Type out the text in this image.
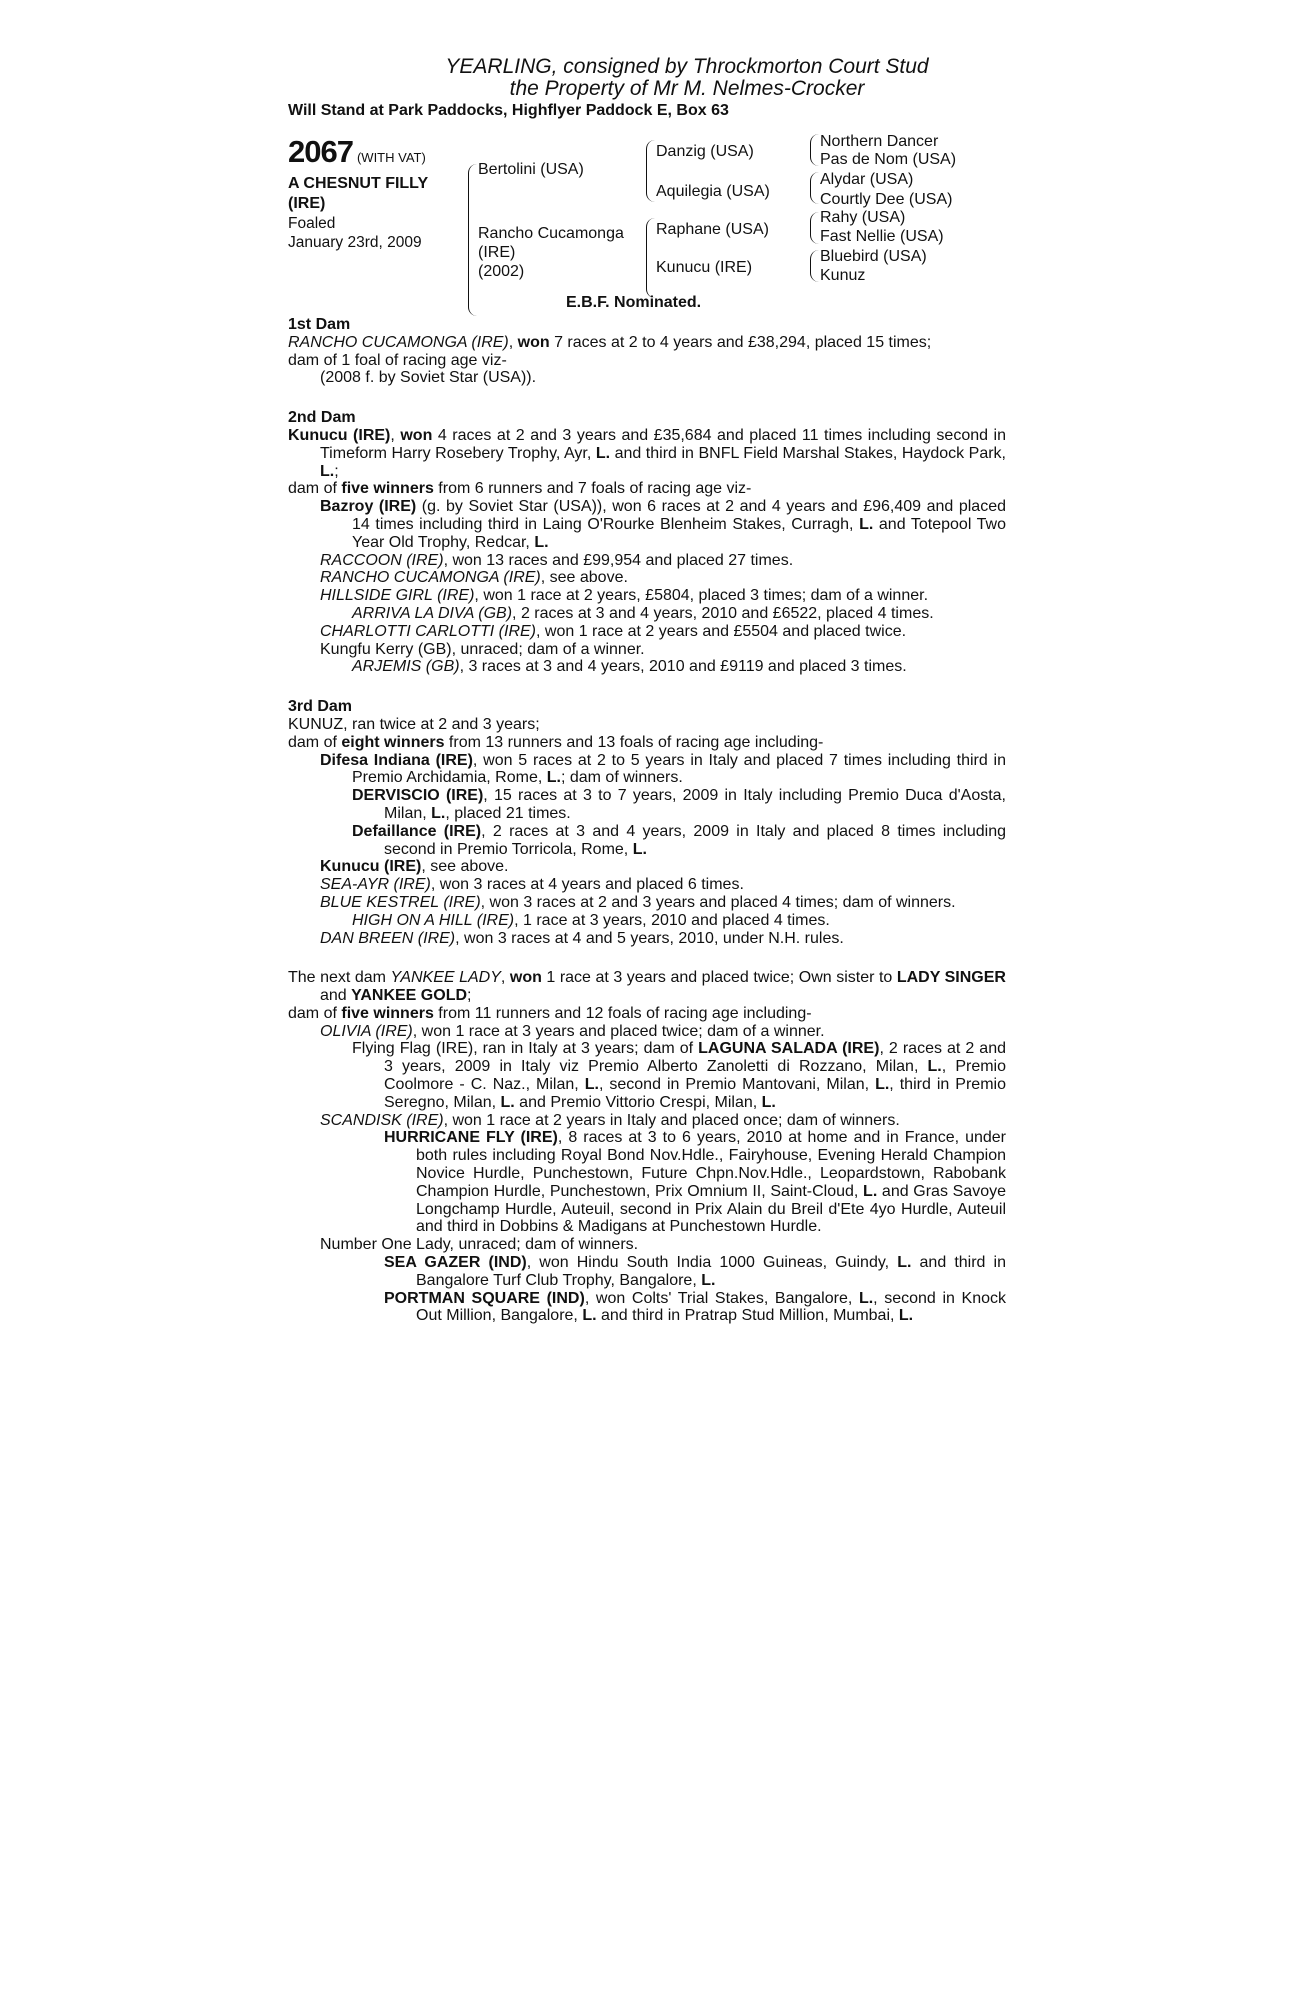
YEARLING, consigned by Throckmorton Court Stud
the Property of Mr M. Nelmes-Crocker
Will Stand at Park Paddocks, Highflyer Paddock E, Box 63
2067 (WITH VAT)
A CHESNUT FILLY
(IRE)
Foaled
January 23rd, 2009
Bertolini (USA)
Rancho Cucamonga
(IRE)
(2002)
Danzig (USA)
Aquilegia (USA)
Raphane (USA)
Kunucu (IRE)
Northern Dancer
Pas de Nom (USA)
Alydar (USA)
Courtly Dee (USA)
Rahy (USA)
Fast Nellie (USA)
Bluebird (USA)
Kunuz
E.B.F. Nominated.
1st Dam
RANCHO CUCAMONGA (IRE), won 7 races at 2 to 4 years and £38,294, placed 15 times;
dam of 1 foal of racing age viz-
(2008 f. by Soviet Star (USA)).
2nd Dam
Kunucu (IRE), won 4 races at 2 and 3 years and £35,684 and placed 11 times including second in Timeform Harry Rosebery Trophy, Ayr, L. and third in BNFL Field Marshal Stakes, Haydock Park, L.;
dam of five winners from 6 runners and 7 foals of racing age viz-
Bazroy (IRE) (g. by Soviet Star (USA)), won 6 races at 2 and 4 years and £96,409 and placed 14 times including third in Laing O'Rourke Blenheim Stakes, Curragh, L. and Totepool Two Year Old Trophy, Redcar, L.
RACCOON (IRE), won 13 races and £99,954 and placed 27 times.
RANCHO CUCAMONGA (IRE), see above.
HILLSIDE GIRL (IRE), won 1 race at 2 years, £5804, placed 3 times; dam of a winner.
ARRIVA LA DIVA (GB), 2 races at 3 and 4 years, 2010 and £6522, placed 4 times.
CHARLOTTI CARLOTTI (IRE), won 1 race at 2 years and £5504 and placed twice.
Kungfu Kerry (GB), unraced; dam of a winner.
ARJEMIS (GB), 3 races at 3 and 4 years, 2010 and £9119 and placed 3 times.
3rd Dam
KUNUZ, ran twice at 2 and 3 years;
dam of eight winners from 13 runners and 13 foals of racing age including-
Difesa Indiana (IRE), won 5 races at 2 to 5 years in Italy and placed 7 times including third in Premio Archidamia, Rome, L.; dam of winners.
DERVISCIO (IRE), 15 races at 3 to 7 years, 2009 in Italy including Premio Duca d'Aosta, Milan, L., placed 21 times.
Defaillance (IRE), 2 races at 3 and 4 years, 2009 in Italy and placed 8 times including second in Premio Torricola, Rome, L.
Kunucu (IRE), see above.
SEA-AYR (IRE), won 3 races at 4 years and placed 6 times.
BLUE KESTREL (IRE), won 3 races at 2 and 3 years and placed 4 times; dam of winners.
HIGH ON A HILL (IRE), 1 race at 3 years, 2010 and placed 4 times.
DAN BREEN (IRE), won 3 races at 4 and 5 years, 2010, under N.H. rules.
The next dam YANKEE LADY, won 1 race at 3 years and placed twice; Own sister to LADY SINGER and YANKEE GOLD;
dam of five winners from 11 runners and 12 foals of racing age including-
OLIVIA (IRE), won 1 race at 3 years and placed twice; dam of a winner.
Flying Flag (IRE), ran in Italy at 3 years; dam of LAGUNA SALADA (IRE), 2 races at 2 and 3 years, 2009 in Italy viz Premio Alberto Zanoletti di Rozzano, Milan, L., Premio Coolmore - C. Naz., Milan, L., second in Premio Mantovani, Milan, L., third in Premio Seregno, Milan, L. and Premio Vittorio Crespi, Milan, L.
SCANDISK (IRE), won 1 race at 2 years in Italy and placed once; dam of winners.
HURRICANE FLY (IRE), 8 races at 3 to 6 years, 2010 at home and in France, under both rules including Royal Bond Nov.Hdle., Fairyhouse, Evening Herald Champion Novice Hurdle, Punchestown, Future Chpn.Nov.Hdle., Leopardstown, Rabobank Champion Hurdle, Punchestown, Prix Omnium II, Saint-Cloud, L. and Gras Savoye Longchamp Hurdle, Auteuil, second in Prix Alain du Breil d'Ete 4yo Hurdle, Auteuil and third in Dobbins & Madigans at Punchestown Hurdle.
Number One Lady, unraced; dam of winners.
SEA GAZER (IND), won Hindu South India 1000 Guineas, Guindy, L. and third in Bangalore Turf Club Trophy, Bangalore, L.
PORTMAN SQUARE (IND), won Colts' Trial Stakes, Bangalore, L., second in Knock Out Million, Bangalore, L. and third in Pratrap Stud Million, Mumbai, L.
